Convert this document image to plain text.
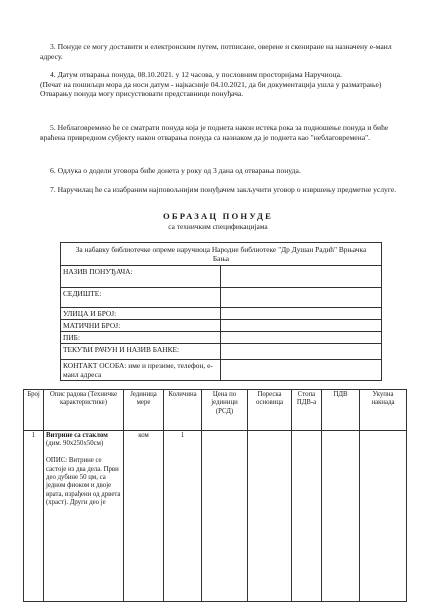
3. Понуде се могу доставити и електронским путем, потписане, оверене и скениране на назначену е-маил адресу.

4. Датум отварања понуда, 08.10.2021. у 12 часова, у пословним просторијама Наручиоца.

(Печат на пошиљци мора да носи датум - најкасније 04.10.2021, да би документација ушла у разматрање)

Отварању понуда могу присуствовати представници понуђача.

5. Неблаговремено ће се сматрати понуда која је поднета након истека рока за подношење понуда и биће враћена привредном субјекту након отварања понуда са назнаком да је поднета као "неблаговремена".

6. Одлука о додели уговора биће донета у року од 3 дана од отварања понуда.

7. Наручилац ће са изабраним најповољнијим понуђачем закључити уговор о извршењу предметне услуге.

ОБРАЗАЦ ПОНУДЕ
са техничким спецификацијама
За набавку библиотечке опреме наручиоца Народне библиотеке "Др Душан Радић" Врњачка Бања	
НАЗИВ ПОНУЂАЧА:	
СЕДИШТЕ:	
УЛИЦА И БРОЈ:	
МАТИЧНИ БРОЈ:	
ПИБ:	
ТЕКУЋИ РАЧУН И НАЗИВ БАНКЕ:	
КОНТАКТ ОСОБА: име и презиме, телефон, е-маил адреса	
Број	Опис радова (Техничке карактеристике)	Јединица мере	Количина	Цена по јединици (РСД)	Пореска основица	Стопа ПДВ-а	ПДВ	Укупна накнада
1	Витрине са стаклом
(дим. 90x250x50cм)

ОПИС: Витрине се састоје из два дела. Први део дубине 50 цм, са једном фиоком и двоје врата, израђени од дрвета (храст). Други део је	ком	1					
